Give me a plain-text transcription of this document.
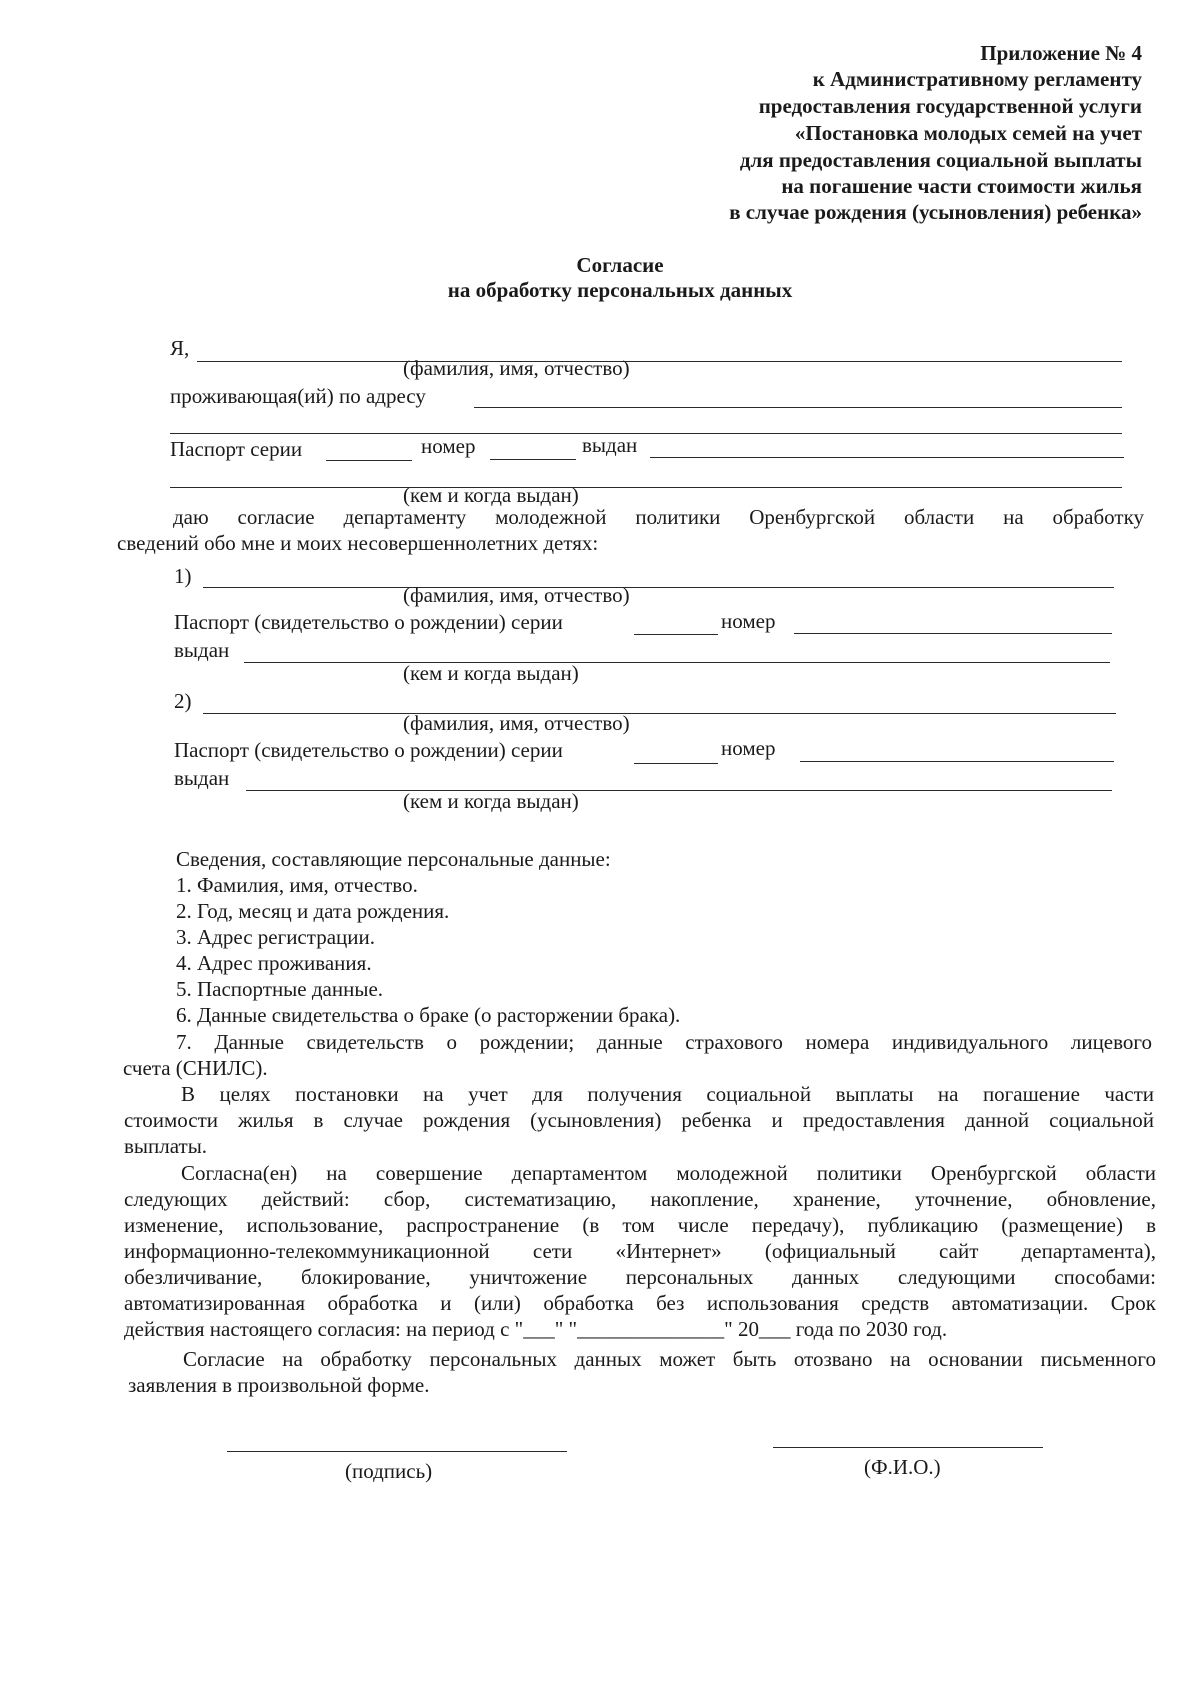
Приложение № 4
к Административному регламенту
предоставления государственной услуги
«Постановка молодых семей на учет
для предоставления социальной выплаты
на погашение части стоимости жилья
в случае рождения (усыновления) ребенка»
Согласие
на обработку персональных данных
Я,
(фамилия, имя, отчество)
проживающая(ий) по адресу
Паспорт серии	номер	выдан
(кем и когда выдан)
даю согласие департаменту молодежной политики Оренбургской области на обработку
сведений обо мне и моих несовершеннолетних детях:
1)
(фамилия, имя, отчество)
Паспорт (свидетельство о рождении) серии	номер
выдан
(кем и когда выдан)
2)
(фамилия, имя, отчество)
Паспорт (свидетельство о рождении) серии	номер
выдан
(кем и когда выдан)
Сведения, составляющие персональные данные:
1. Фамилия, имя, отчество.
2. Год, месяц и дата рождения.
3. Адрес регистрации.
4. Адрес проживания.
5. Паспортные данные.
6. Данные свидетельства о браке (о расторжении брака).
7. Данные свидетельств о рождении; данные страхового номера индивидуального лицевого
счета (СНИЛС).
В целях постановки на учет для получения социальной выплаты на погашение части
стоимости жилья в случае рождения (усыновления) ребенка и предоставления данной социальной
выплаты.
Согласна(ен) на совершение департаментом молодежной политики Оренбургской области
следующих действий: сбор, систематизацию, накопление, хранение, уточнение, обновление,
изменение, использование, распространение (в том числе передачу), публикацию (размещение) в
информационно-телекоммуникационной сети «Интернет» (официальный сайт департамента),
обезличивание, блокирование, уничтожение персональных данных следующими способами:
автоматизированная обработка и (или) обработка без использования средств автоматизации. Срок
действия настоящего согласия: на период с "___" "______________" 20___ года по 2030 год.
Согласие на обработку персональных данных может быть отозвано на основании письменного
заявления в произвольной форме.
(подпись)	(Ф.И.О.)
